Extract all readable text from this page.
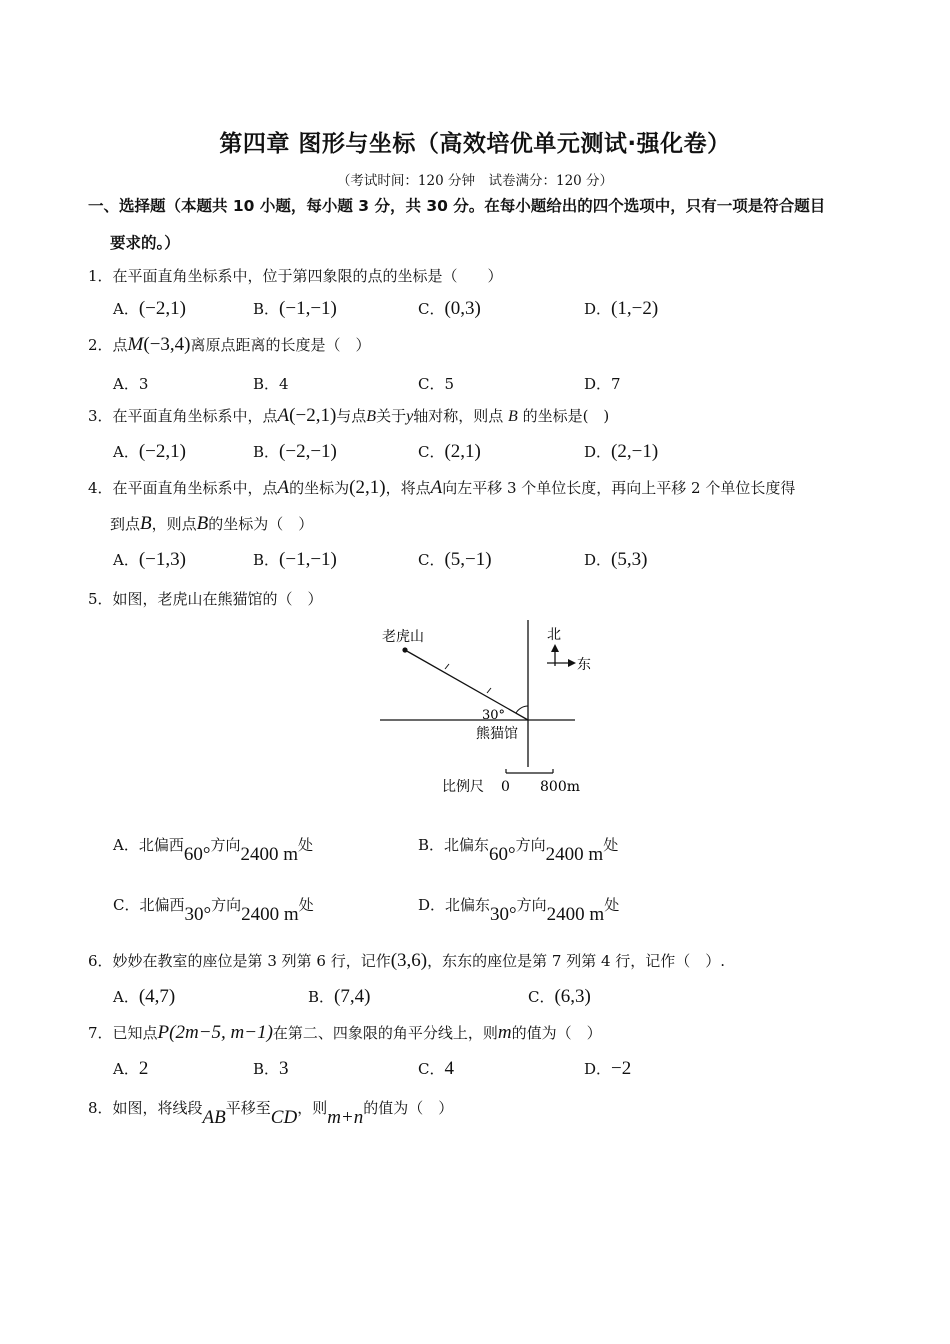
第四章 图形与坐标（高效培优单元测试·强化卷）
（考试时间：120 分钟　试卷满分：120 分）
一、选择题（本题共 10 小题，每小题 3 分，共 30 分。在每小题给出的四个选项中，只有一项是符合题目
要求的。）
1．在平面直角坐标系中，位于第四象限的点的坐标是（　　）
A．(−2,1)	B．(−1,−1)	C．(0,3)	D．(1,−2)
2．点M(−3,4)离原点距离的长度是（　）
A．3	B．4	C．5	D．7
3．在平面直角坐标系中，点A(−2,1)与点B关于y轴对称，则点 B 的坐标是(　)
A．(−2,1)	B．(−2,−1)	C．(2,1)	D．(2,−1)
4．在平面直角坐标系中，点A的坐标为(2,1)，将点A向左平移 3 个单位长度，再向上平移 2 个单位长度得
到点B，则点B的坐标为（　）
A．(−1,3)	B．(−1,−1)	C．(5,−1)	D．(5,3)
5．如图，老虎山在熊猫馆的（　）
老虎山
30°
熊猫馆
北
东
比例尺 0 800m
A．北偏西60°方向2400 m处	B．北偏东60°方向2400 m处
C．北偏西30°方向2400 m处	D．北偏东30°方向2400 m处
6．妙妙在教室的座位是第 3 列第 6 行，记作(3,6)，东东的座位是第 7 列第 4 行，记作（　）.
A．(4,7)	B．(7,4)	C．(6,3)
7．已知点P(2m−5, m−1)在第二、四象限的角平分线上，则m的值为（　）
A．2	B．3	C．4	D．−2
8．如图，将线段AB平移至CD，则m+n的值为（　）
